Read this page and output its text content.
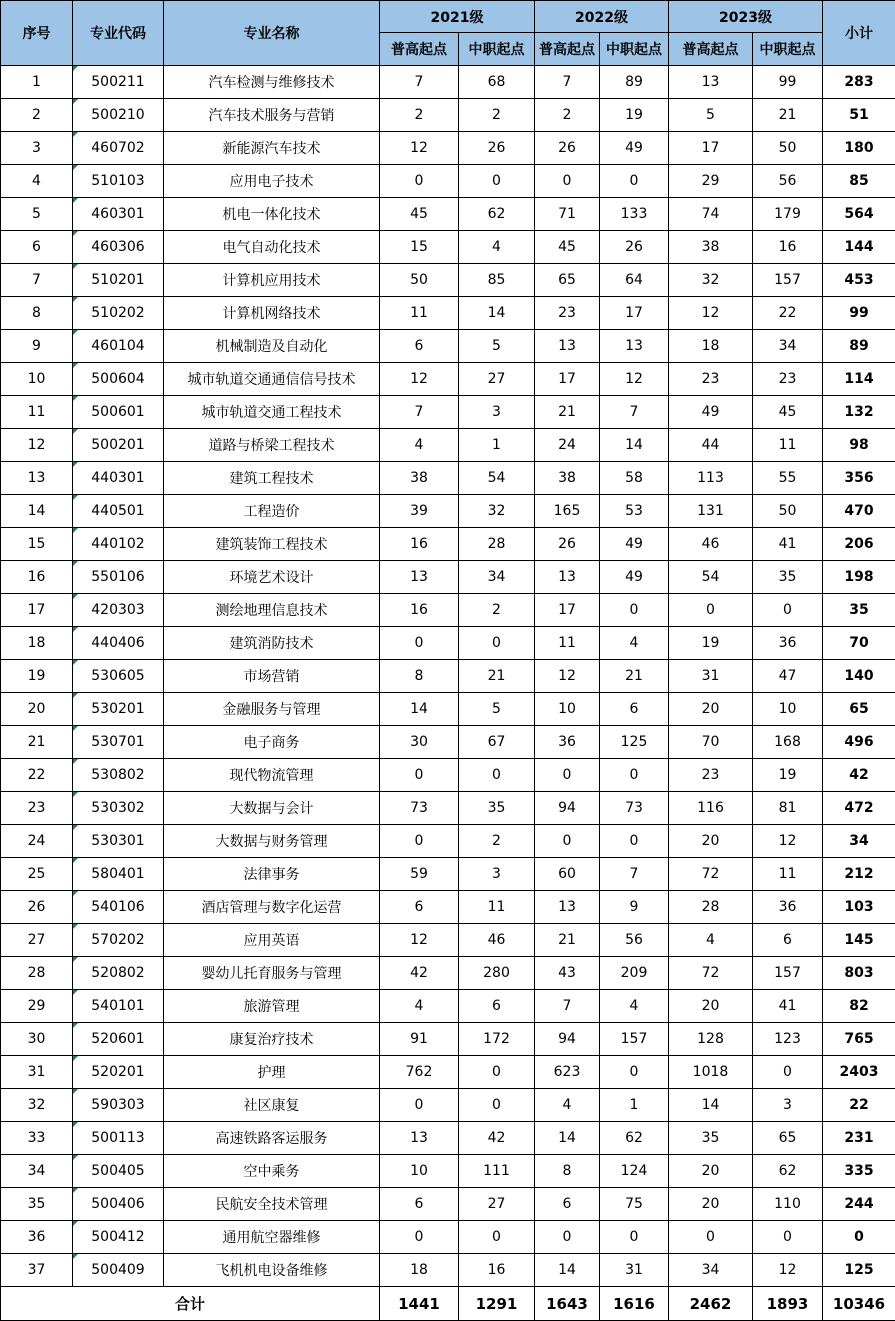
序号	专业代码	专业名称	2021级		2022级		2023级		小计
			普高起点	中职起点	普高起点	中职起点	普高起点	中职起点	
1	500211	汽车检测与维修技术	7	68	7	89	13	99	283
2	500210	汽车技术服务与营销	2	2	2	19	5	21	51
3	460702	新能源汽车技术	12	26	26	49	17	50	180
4	510103	应用电子技术	0	0	0	0	29	56	85
5	460301	机电一体化技术	45	62	71	133	74	179	564
6	460306	电气自动化技术	15	4	45	26	38	16	144
7	510201	计算机应用技术	50	85	65	64	32	157	453
8	510202	计算机网络技术	11	14	23	17	12	22	99
9	460104	机械制造及自动化	6	5	13	13	18	34	89
10	500604	城市轨道交通通信信号技术	12	27	17	12	23	23	114
11	500601	城市轨道交通工程技术	7	3	21	7	49	45	132
12	500201	道路与桥梁工程技术	4	1	24	14	44	11	98
13	440301	建筑工程技术	38	54	38	58	113	55	356
14	440501	工程造价	39	32	165	53	131	50	470
15	440102	建筑装饰工程技术	16	28	26	49	46	41	206
16	550106	环境艺术设计	13	34	13	49	54	35	198
17	420303	测绘地理信息技术	16	2	17	0	0	0	35
18	440406	建筑消防技术	0	0	11	4	19	36	70
19	530605	市场营销	8	21	12	21	31	47	140
20	530201	金融服务与管理	14	5	10	6	20	10	65
21	530701	电子商务	30	67	36	125	70	168	496
22	530802	现代物流管理	0	0	0	0	23	19	42
23	530302	大数据与会计	73	35	94	73	116	81	472
24	530301	大数据与财务管理	0	2	0	0	20	12	34
25	580401	法律事务	59	3	60	7	72	11	212
26	540106	酒店管理与数字化运营	6	11	13	9	28	36	103
27	570202	应用英语	12	46	21	56	4	6	145
28	520802	婴幼儿托育服务与管理	42	280	43	209	72	157	803
29	540101	旅游管理	4	6	7	4	20	41	82
30	520601	康复治疗技术	91	172	94	157	128	123	765
31	520201	护理	762	0	623	0	1018	0	2403
32	590303	社区康复	0	0	4	1	14	3	22
33	500113	高速铁路客运服务	13	42	14	62	35	65	231
34	500405	空中乘务	10	111	8	124	20	62	335
35	500406	民航安全技术管理	6	27	6	75	20	110	244
36	500412	通用航空器维修	0	0	0	0	0	0	0
37	500409	飞机机电设备维修	18	16	14	31	34	12	125
合计			1441	1291	1643	1616	2462	1893	10346
